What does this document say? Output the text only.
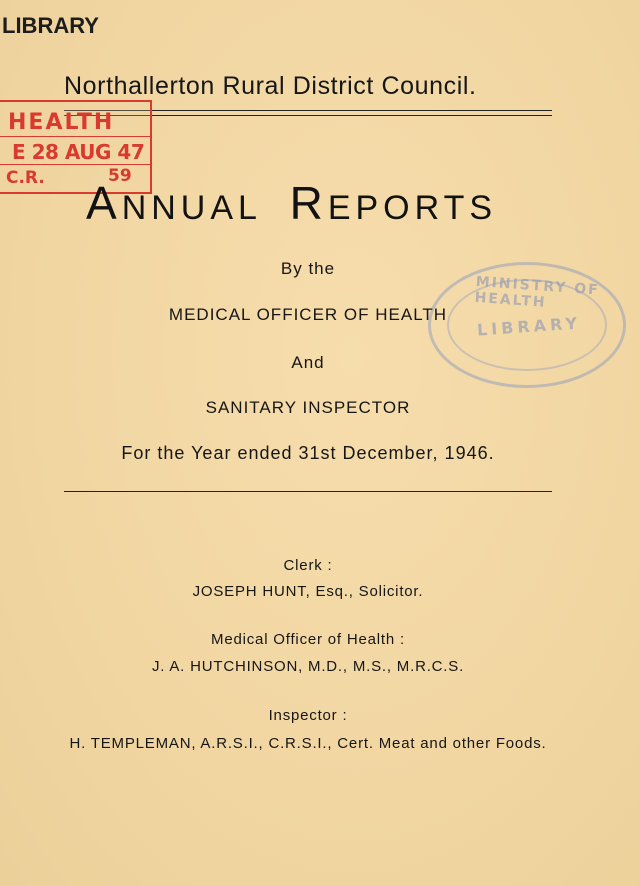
LIBRARY
Northallerton Rural District Council.
HEALTH
E 28 AUG 47
C.R.	59
ANNUAL REPORTS
MINISTRY OF HEALTH
LIBRARY
By the
MEDICAL OFFICER OF HEALTH
And
SANITARY INSPECTOR
For the Year ended 31st December, 1946.
Clerk :
JOSEPH HUNT, Esq., Solicitor.
Medical Officer of Health :
J. A. HUTCHINSON, M.D., M.S., M.R.C.S.
Inspector :
H. TEMPLEMAN, A.R.S.I., C.R.S.I., Cert. Meat and other Foods.
